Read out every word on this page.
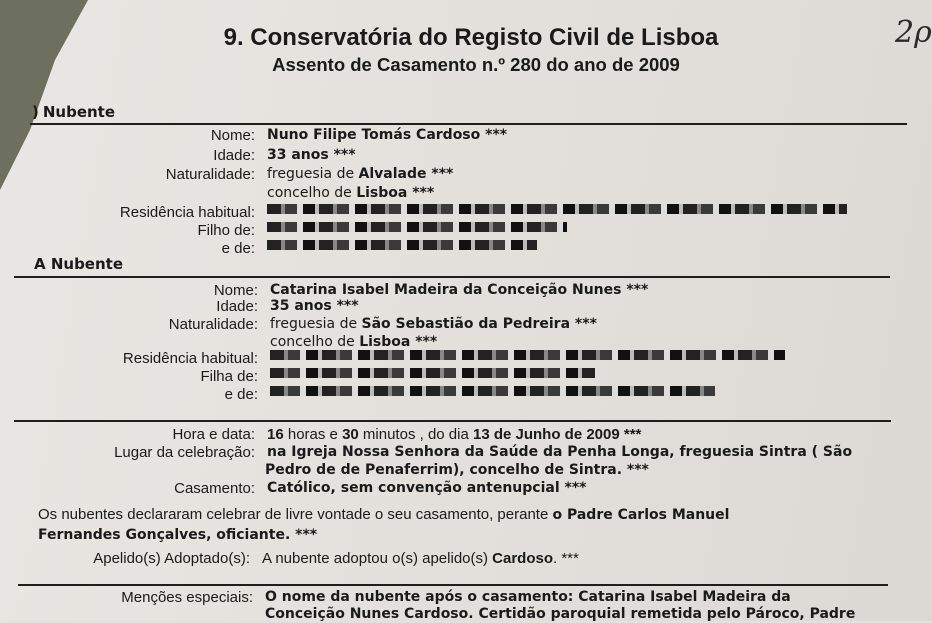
9. Conservatória do Registo Civil de Lisboa
Assento de Casamento n.º 280 do ano de 2009
2ρ
) Nubente
Nome: Nuno Filipe Tomás Cardoso ***
Idade: 33 anos ***
Naturalidade: freguesia de Alvalade ***
concelho de Lisboa ***
Residência habitual:
Filho de:
e de:
A Nubente
Nome: Catarina Isabel Madeira da Conceição Nunes ***
Idade: 35 anos ***
Naturalidade: freguesia de São Sebastião da Pedreira ***
concelho de Lisboa ***
Residência habitual:
Filha de:
e de:
Hora e data: 16 horas e 30 minutos , do dia 13 de Junho de 2009 ***
Lugar da celebração: na Igreja Nossa Senhora da Saúde da Penha Longa, freguesia Sintra ( São
Pedro de de Penaferrim), concelho de Sintra. ***
Casamento: Católico, sem convenção antenupcial ***
Os nubentes declararam celebrar de livre vontade o seu casamento, perante o Padre Carlos Manuel
Fernandes Gonçalves, oficiante. ***
Apelido(s) Adoptado(s): A nubente adoptou o(s) apelido(s) Cardoso. ***
Menções especiais: O nome da nubente após o casamento: Catarina Isabel Madeira da
Conceição Nunes Cardoso. Certidão paroquial remetida pelo Pároco, Padre
